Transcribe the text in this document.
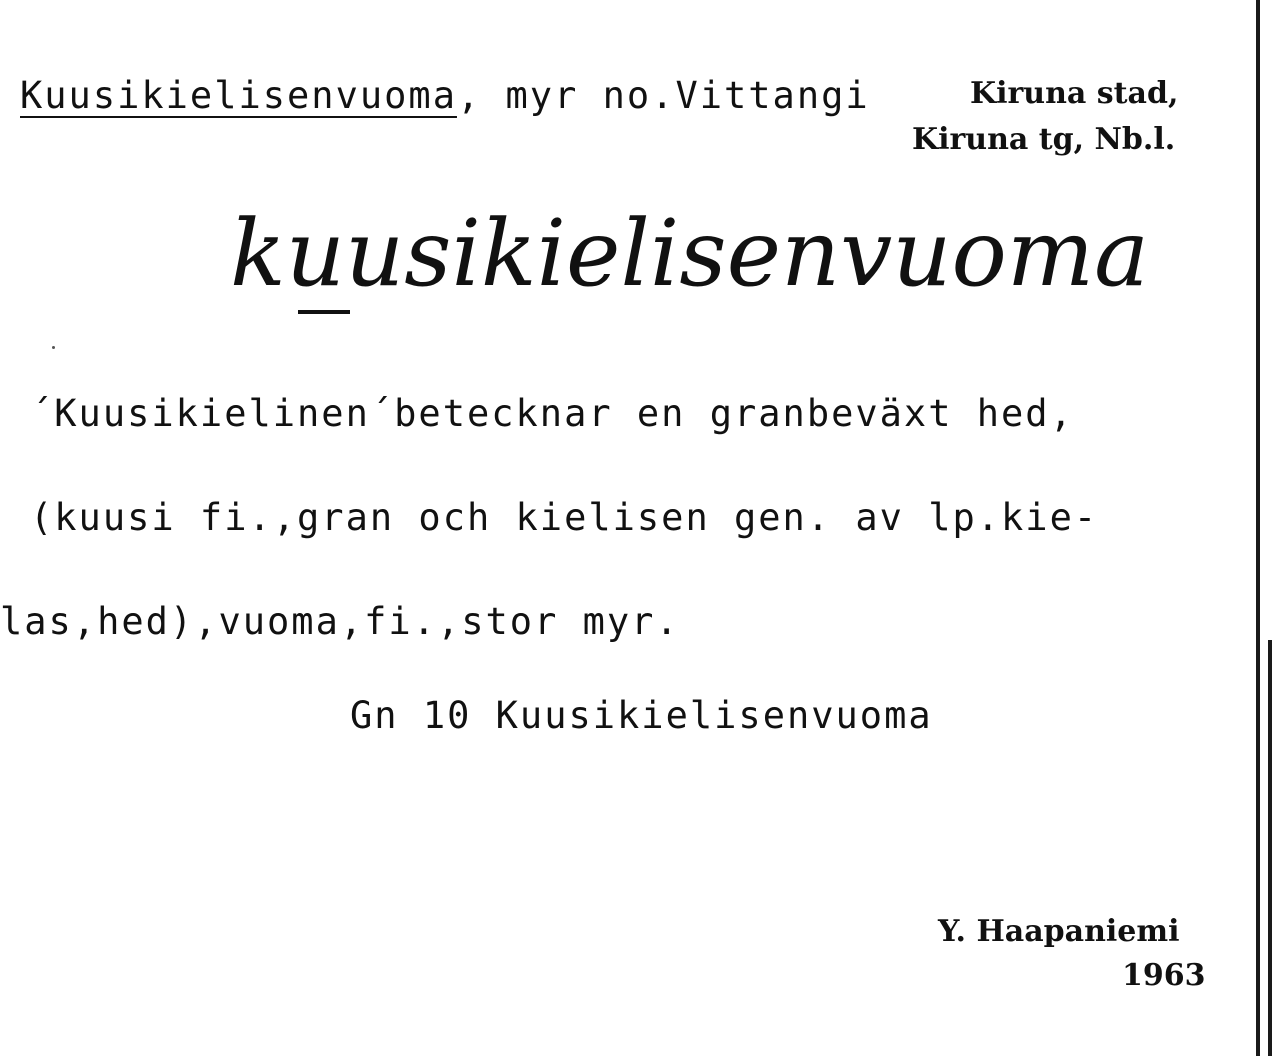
Kuusikielisenvuoma, myr no.Vittangi	Kiruna stad,
Kiruna tg, Nb.l.
kuusikielisenvuoma
´Kuusikielinen´betecknar en granbeväxt hed,
(kuusi fi.,gran och kielisen gen. av lp.kie-
las,hed),vuoma,fi.,stor myr.
Gn 10 Kuusikielisenvuoma
Y. Haapaniemi
1963
